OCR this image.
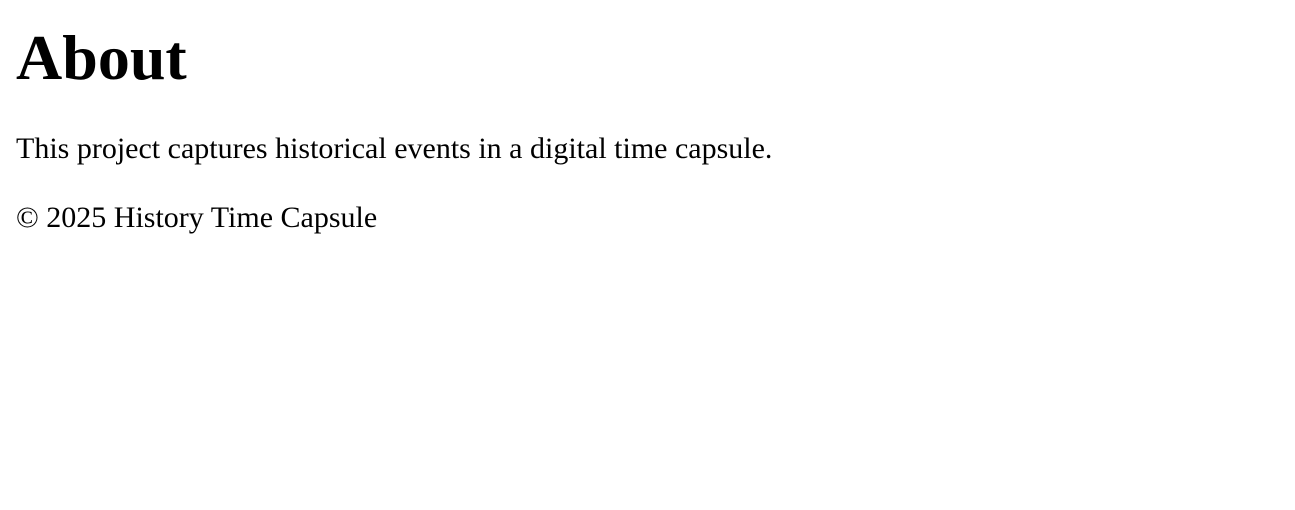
About

This project captures historical events in a digital time capsule.

© 2025 History Time Capsule
